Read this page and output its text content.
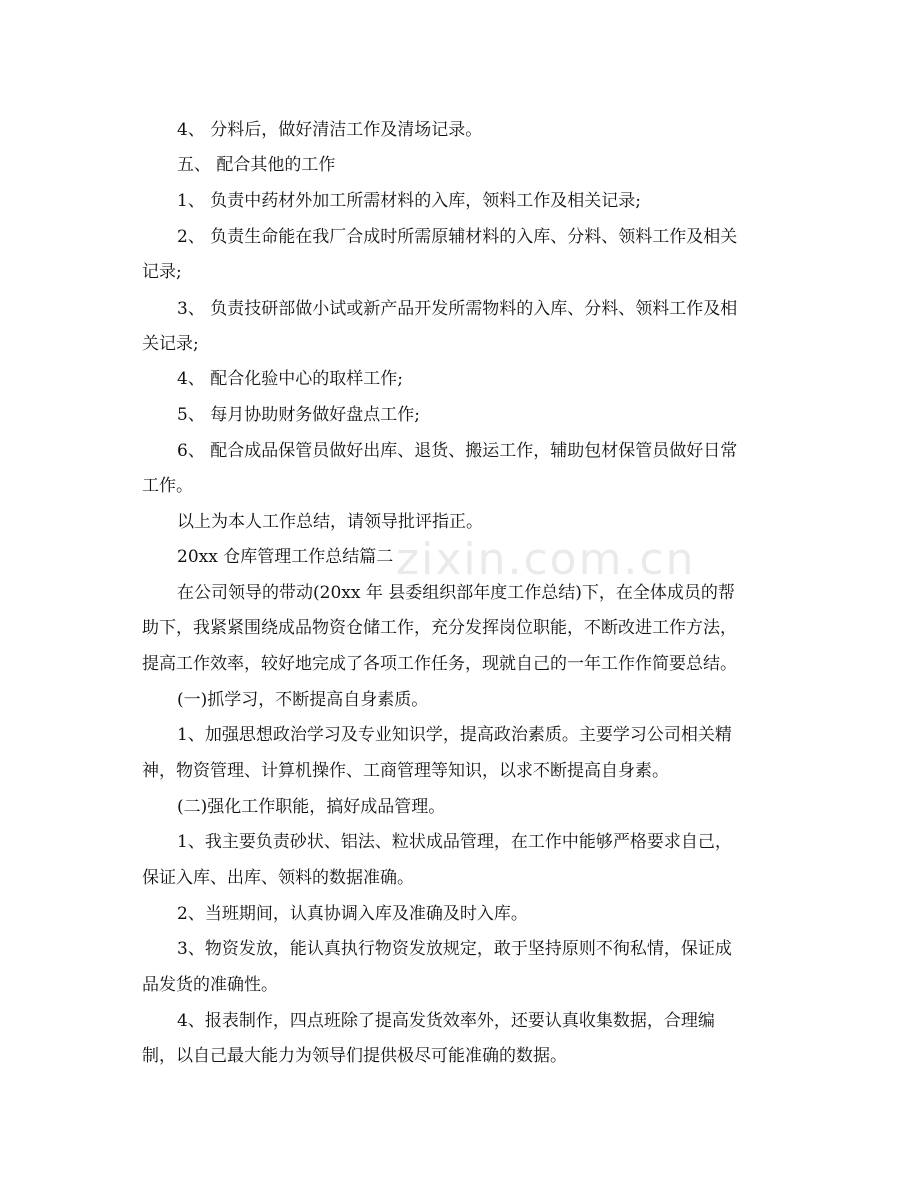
4、 分料后，做好清洁工作及清场记录。
五、 配合其他的工作
1、 负责中药材外加工所需材料的入库，领料工作及相关记录;
2、 负责生命能在我厂合成时所需原辅材料的入库、分料、领料工作及相关
记录;
3、 负责技研部做小试或新产品开发所需物料的入库、分料、领料工作及相
关记录;
4、 配合化验中心的取样工作;
5、 每月协助财务做好盘点工作;
6、 配合成品保管员做好出库、退货、搬运工作，辅助包材保管员做好日常
工作。
以上为本人工作总结，请领导批评指正。
20xx 仓库管理工作总结篇二
在公司领导的带动(20xx 年 县委组织部年度工作总结)下，在全体成员的帮
助下，我紧紧围绕成品物资仓储工作，充分发挥岗位职能，不断改进工作方法，
提高工作效率，较好地完成了各项工作任务，现就自己的一年工作作简要总结。
(一)抓学习，不断提高自身素质。
1、加强思想政治学习及专业知识学，提高政治素质。主要学习公司相关精
神，物资管理、计算机操作、工商管理等知识，以求不断提高自身素。
(二)强化工作职能，搞好成品管理。
1、我主要负责砂状、铝法、粒状成品管理，在工作中能够严格要求自己，
保证入库、出库、领料的数据准确。
2、当班期间，认真协调入库及准确及时入库。
3、物资发放，能认真执行物资发放规定，敢于坚持原则不徇私情，保证成
品发货的准确性。
4、报表制作，四点班除了提高发货效率外，还要认真收集数据，合理编
制，以自己最大能力为领导们提供极尽可能准确的数据。
zixin.com.cn
